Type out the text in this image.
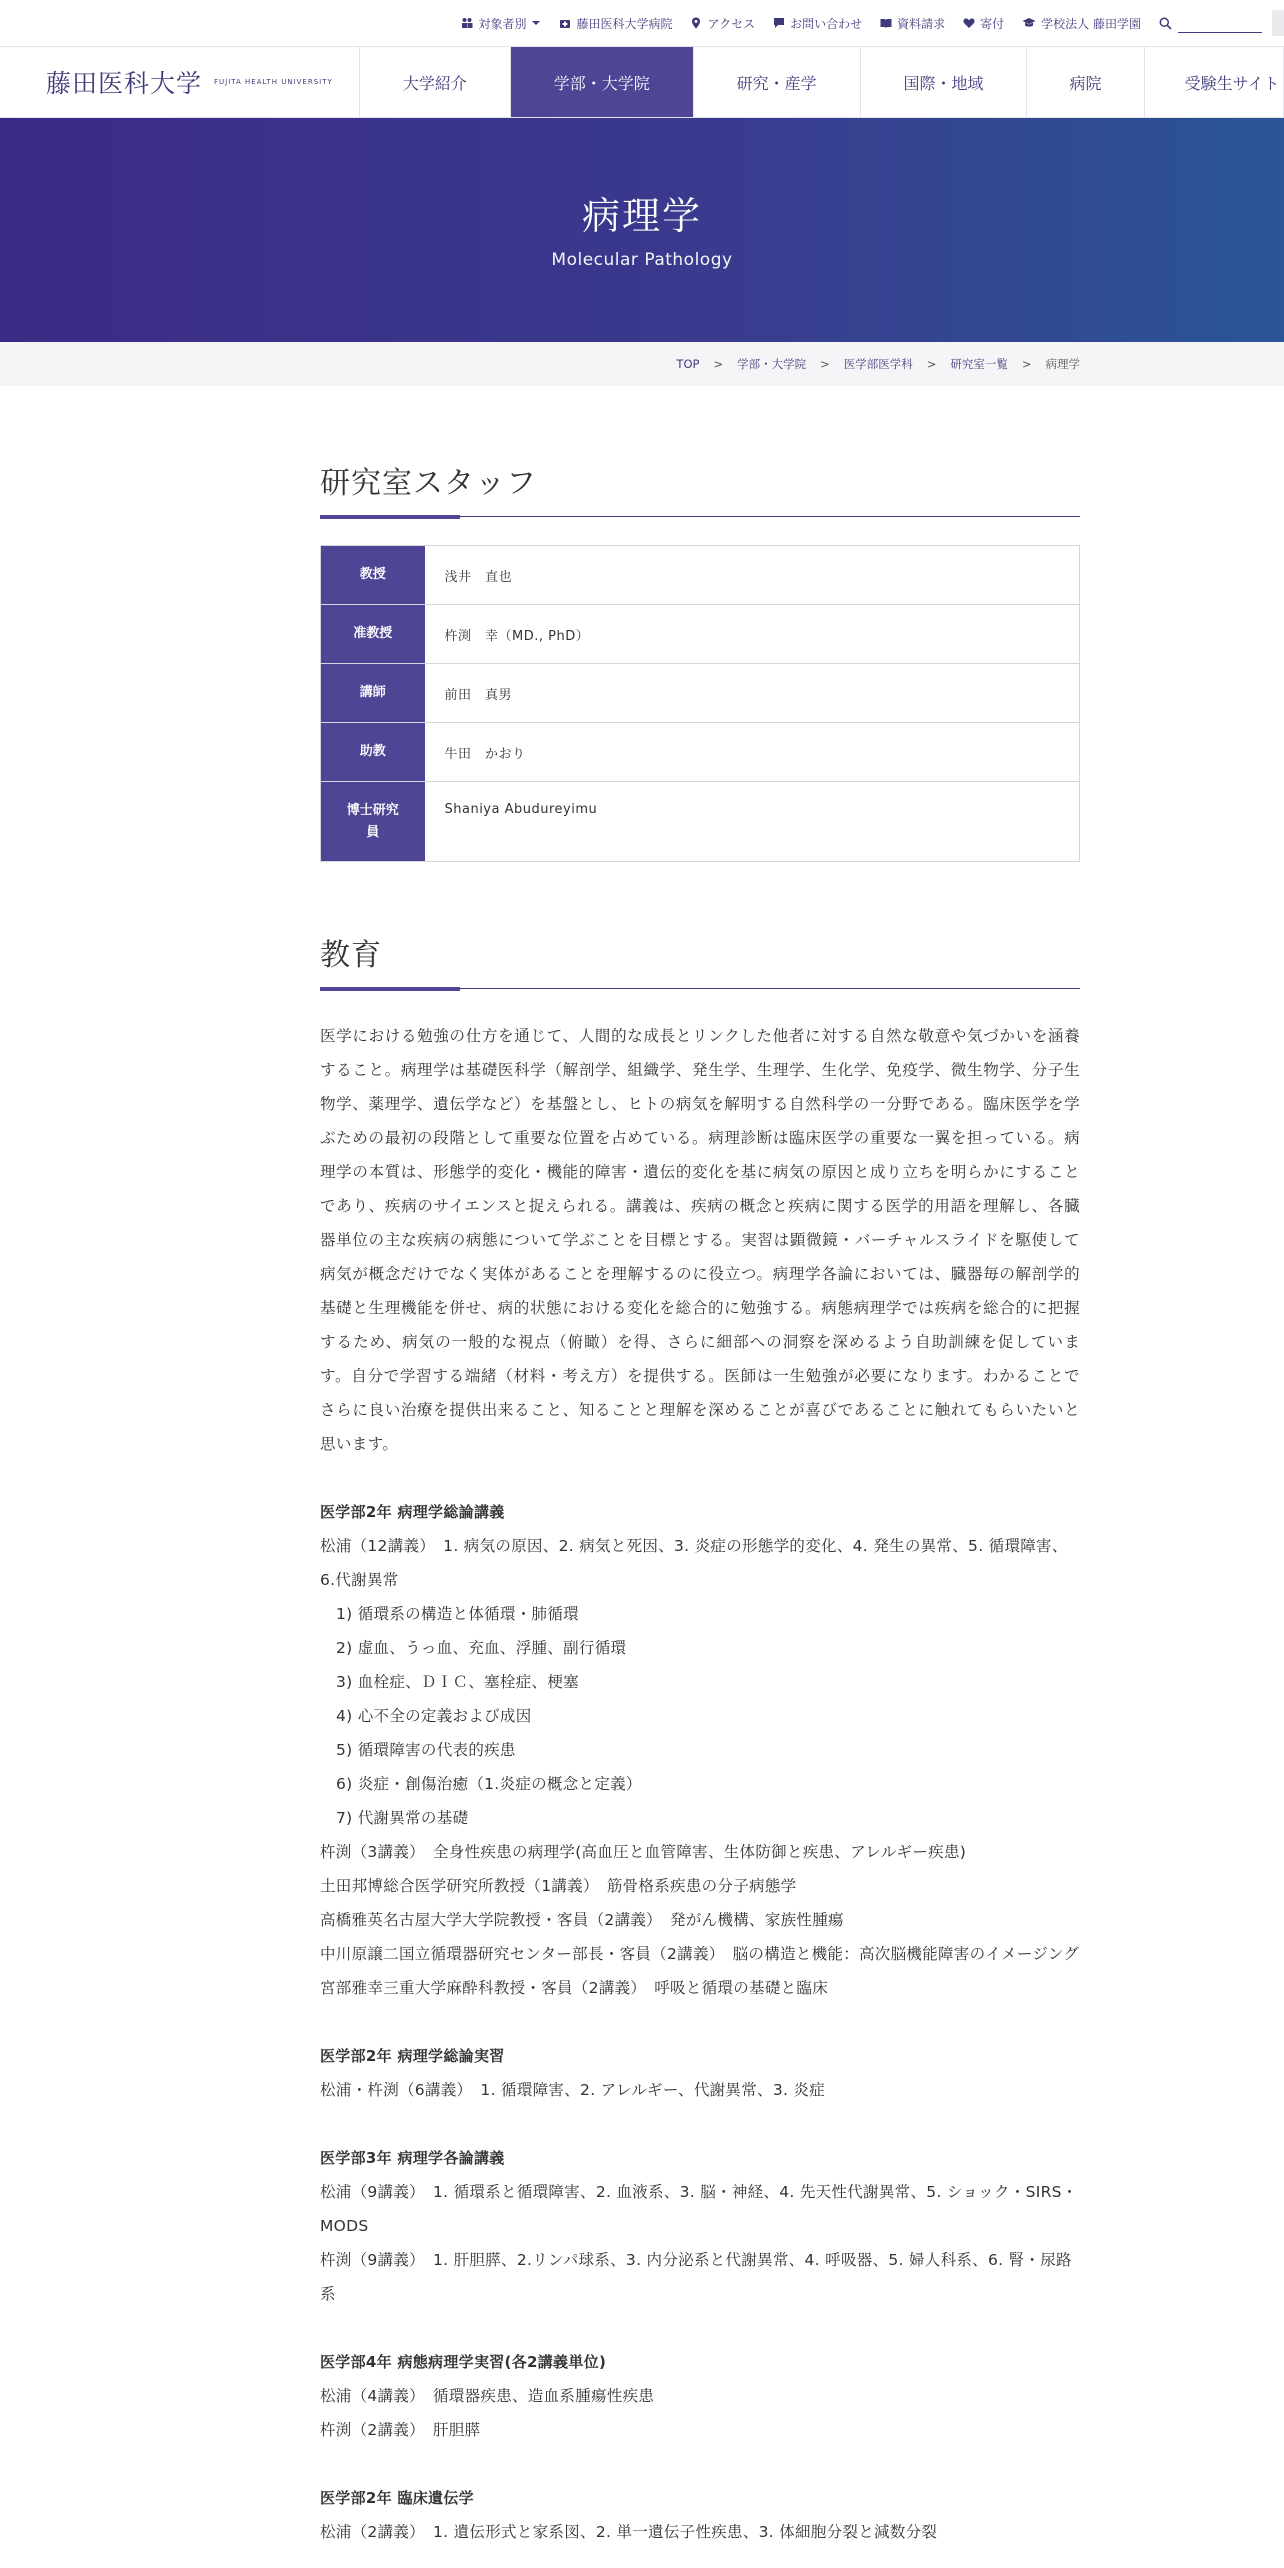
対象者別	藤田医科大学病院	アクセス	お問い合わせ	資料請求	寄付	学校法人 藤田学園
藤田医科大学 FUJITA HEALTH UNIVERSITY	大学紹介	学部・大学院	研究・産学	国際・地域	病院	受験生サイト
病理学
Molecular Pathology
TOP > 学部・大学院 > 医学部医学科 > 研究室一覧 > 病理学
研究室スタッフ
教授	浅井　直也
准教授	杵渕　幸（MD., PhD）
講師	前田　真男
助教	牛田　かおり
博士研究員	Shaniya Abudureyimu
教育

医学における勉強の仕方を通じて、人間的な成長とリンクした他者に対する自然な敬意や気づかいを涵養すること。病理学は基礎医科学（解剖学、組織学、発生学、生理学、生化学、免疫学、微生物学、分子生物学、薬理学、遺伝学など）を基盤とし、ヒトの病気を解明する自然科学の一分野である。臨床医学を学ぶための最初の段階として重要な位置を占めている。病理診断は臨床医学の重要な一翼を担っている。病理学の本質は、形態学的変化・機能的障害・遺伝的変化を基に病気の原因と成り立ちを明らかにすることであり、疾病のサイエンスと捉えられる。講義は、疾病の概念と疾病に関する医学的用語を理解し、各臓器単位の主な疾病の病態について学ぶことを目標とする。実習は顕微鏡・バーチャルスライドを駆使して病気が概念だけでなく実体があることを理解するのに役立つ。病理学各論においては、臓器毎の解剖学的基礎と生理機能を併せ、病的状態における変化を総合的に勉強する。病態病理学では疾病を総合的に把握するため、病気の一般的な視点（俯瞰）を得、さらに細部への洞察を深めるよう自助訓練を促しています。自分で学習する端緒（材料・考え方）を提供する。医師は一生勉強が必要になります。わかることでさらに良い治療を提供出来ること、知ることと理解を深めることが喜びであることに触れてもらいたいと思います。

医学部2年 病理学総論講義
松浦（12講義）　1. 病気の原因、2. 病気と死因、3. 炎症の形態学的変化、4. 発生の異常、5. 循環障害、6.代謝異常
1) 循環系の構造と体循環・肺循環
2) 虚血、うっ血、充血、浮腫、副行循環
3) 血栓症、ＤＩＣ、塞栓症、梗塞
4) 心不全の定義および成因
5) 循環障害の代表的疾患
6) 炎症・創傷治癒（1.炎症の概念と定義）
7) 代謝異常の基礎
杵渕（3講義）　全身性疾患の病理学(高血圧と血管障害、生体防御と疾患、アレルギー疾患)
土田邦博総合医学研究所教授（1講義）　筋骨格系疾患の分子病態学
高橋雅英名古屋大学大学院教授・客員（2講義）　発がん機構、家族性腫瘍
中川原譲二国立循環器研究センター部長・客員（2講義）　脳の構造と機能：高次脳機能障害のイメージング
宮部雅幸三重大学麻酔科教授・客員（2講義）　呼吸と循環の基礎と臨床
医学部2年 病理学総論実習
松浦・杵渕（6講義）　1. 循環障害、2. アレルギー、代謝異常、3. 炎症
医学部3年 病理学各論講義
松浦（9講義）　1. 循環系と循環障害、2. 血液系、3. 脳・神経、4. 先天性代謝異常、5. ショック・SIRS・MODS
杵渕（9講義）　1. 肝胆膵、2.リンパ球系、3. 内分泌系と代謝異常、4. 呼吸器、5. 婦人科系、6. 腎・尿路系
医学部4年 病態病理学実習(各2講義単位)
松浦（4講義）　循環器疾患、造血系腫瘍性疾患
杵渕（2講義）　肝胆膵
医学部2年 臨床遺伝学
松浦（2講義）　1. 遺伝形式と家系図、2. 単一遺伝子性疾患、3. 体細胞分裂と減数分裂
